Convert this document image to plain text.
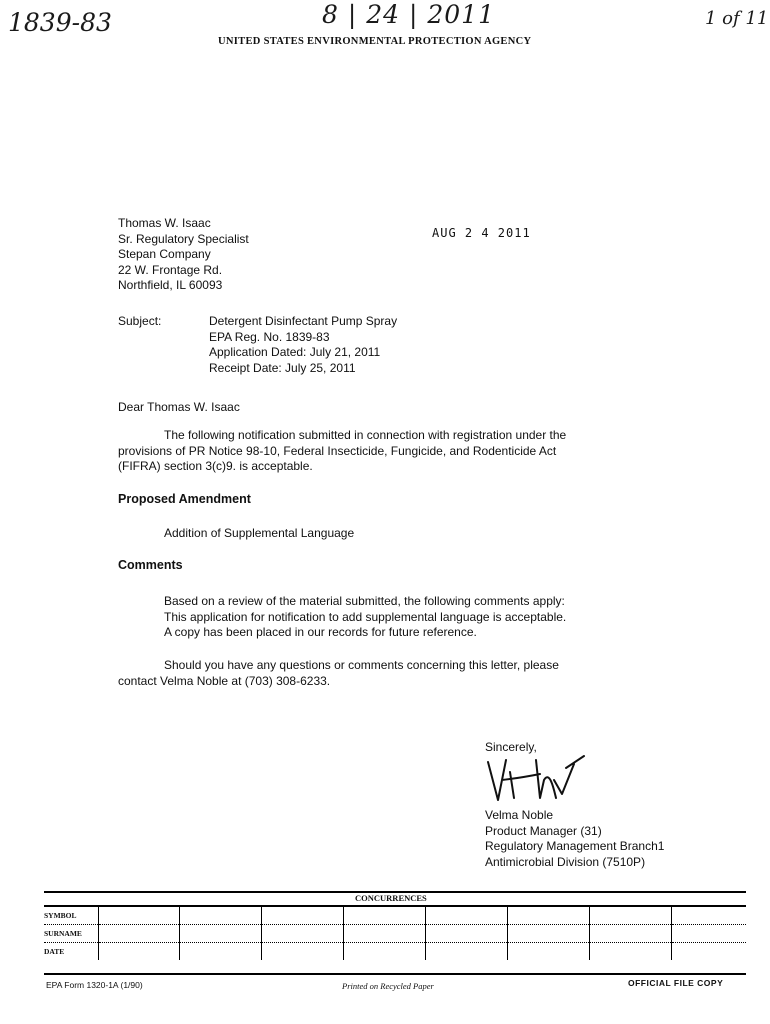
1839-83	8 | 24 | 2011	1 of 11
UNITED STATES ENVIRONMENTAL PROTECTION AGENCY
Thomas W. Isaac
Sr. Regulatory Specialist
Stepan Company
22 W. Frontage Rd.
Northfield, IL 60093
AUG 2 4 2011
Subject:	Detergent Disinfectant Pump Spray
EPA Reg. No. 1839-83
Application Dated: July 21, 2011
Receipt Date: July 25, 2011
Dear Thomas W. Isaac
The following notification submitted in connection with registration under the
provisions of PR Notice 98-10, Federal Insecticide, Fungicide, and Rodenticide Act
(FIFRA) section 3(c)9. is acceptable.
Proposed Amendment
Addition of Supplemental Language
Comments
Based on a review of the material submitted, the following comments apply:
This application for notification to add supplemental language is acceptable.
A copy has been placed in our records for future reference.
Should you have any questions or comments concerning this letter, please
contact Velma Noble at (703) 308-6233.
Sincerely,
Velma Noble
Product Manager (31)
Regulatory Management Branch1
Antimicrobial Division (7510P)
CONCURRENCES
SYMBOL								
SURNAME								
DATE								
EPA Form 1320-1A (1/90)	Printed on Recycled Paper	OFFICIAL FILE COPY
